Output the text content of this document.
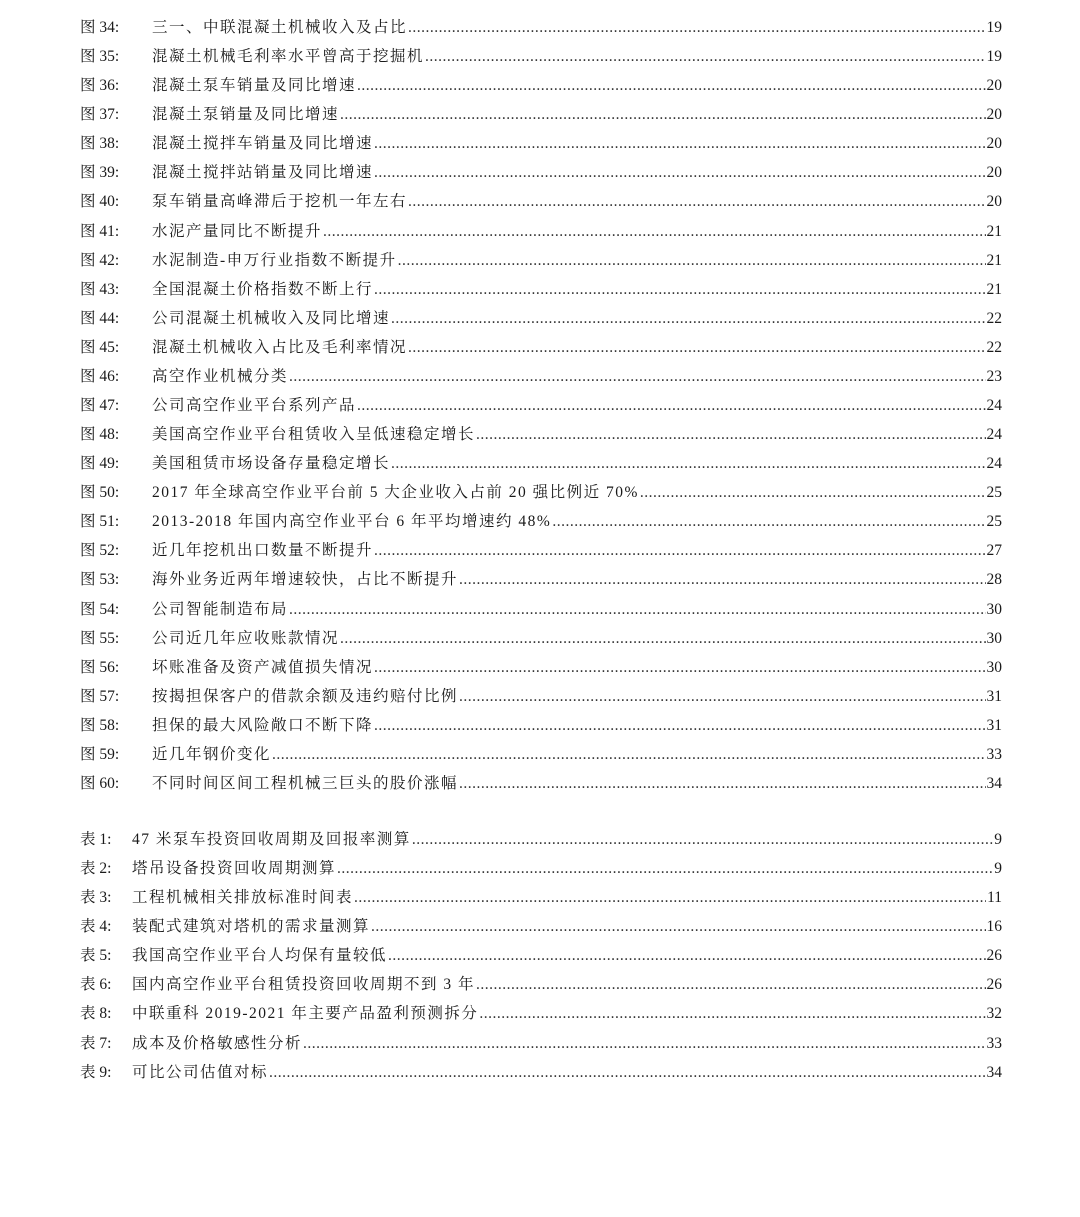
图 34:	三一、中联混凝土机械收入及占比 .....	19
图 35:	混凝土机械毛利率水平曾高于挖掘机 .....	19
图 36:	混凝土泵车销量及同比增速 .....	20
图 37:	混凝土泵销量及同比增速 .....	20
图 38:	混凝土搅拌车销量及同比增速 .....	20
图 39:	混凝土搅拌站销量及同比增速 .....	20
图 40:	泵车销量高峰滞后于挖机一年左右 .....	20
图 41:	水泥产量同比不断提升 .....	21
图 42:	水泥制造-申万行业指数不断提升 .....	21
图 43:	全国混凝土价格指数不断上行 .....	21
图 44:	公司混凝土机械收入及同比增速 .....	22
图 45:	混凝土机械收入占比及毛利率情况 .....	22
图 46:	高空作业机械分类 .....	23
图 47:	公司高空作业平台系列产品 .....	24
图 48:	美国高空作业平台租赁收入呈低速稳定增长 .....	24
图 49:	美国租赁市场设备存量稳定增长 .....	24
图 50:	2017 年全球高空作业平台前 5 大企业收入占前 20 强比例近 70% .....	25
图 51:	2013-2018 年国内高空作业平台 6 年平均增速约 48% .....	25
图 52:	近几年挖机出口数量不断提升 .....	27
图 53:	海外业务近两年增速较快，占比不断提升 .....	28
图 54:	公司智能制造布局 .....	30
图 55:	公司近几年应收账款情况 .....	30
图 56:	坏账准备及资产减值损失情况 .....	30
图 57:	按揭担保客户的借款余额及违约赔付比例 .....	31
图 58:	担保的最大风险敞口不断下降 .....	31
图 59:	近几年钢价变化 .....	33
图 60:	不同时间区间工程机械三巨头的股价涨幅 .....	34
表 1:	47 米泵车投资回收周期及回报率测算 .....	9
表 2:	塔吊设备投资回收周期测算 .....	9
表 3:	工程机械相关排放标准时间表 .....	11
表 4:	装配式建筑对塔机的需求量测算 .....	16
表 5:	我国高空作业平台人均保有量较低 .....	26
表 6:	国内高空作业平台租赁投资回收周期不到 3 年 .....	26
表 8:	中联重科 2019-2021 年主要产品盈利预测拆分 .....	32
表 7:	成本及价格敏感性分析 .....	33
表 9:	可比公司估值对标 .....	34
